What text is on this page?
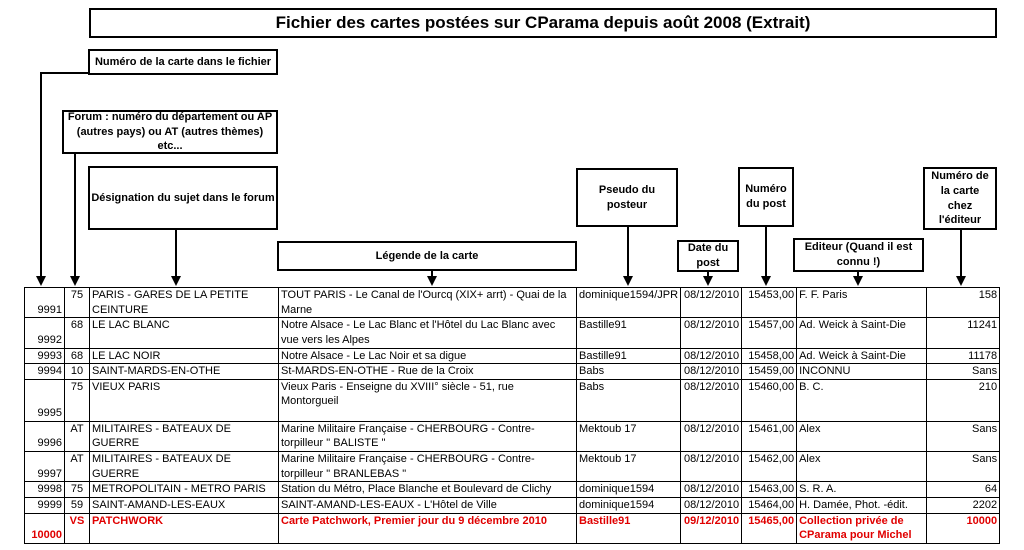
Fichier des cartes postées sur CParama depuis août 2008 (Extrait)
Numéro de la carte dans le fichier
Forum : numéro du département ou AP (autres pays) ou AT (autres thèmes) etc...
Désignation du sujet dans le forum
Légende de la carte
Pseudo du posteur
Date du post
Numéro du post
Editeur (Quand il est connu !)
Numéro de la carte chez l'éditeur
9991	75	PARIS - GARES DE LA PETITE CEINTURE	TOUT PARIS - Le Canal de l'Ourcq (XIX+ arrt) - Quai de la Marne	dominique1594/JPR	08/12/2010	15453,00	F. F. Paris	158
9992	68	LE LAC BLANC	Notre Alsace - Le Lac Blanc et l'Hôtel du Lac Blanc avec vue vers les Alpes	Bastille91	08/12/2010	15457,00	Ad. Weick à Saint-Die	11241
9993	68	LE LAC NOIR	Notre Alsace - Le Lac Noir et sa digue	Bastille91	08/12/2010	15458,00	Ad. Weick à Saint-Die	11178
9994	10	SAINT-MARDS-EN-OTHE	St-MARDS-EN-OTHE - Rue de la Croix	Babs	08/12/2010	15459,00	INCONNU	Sans
9995	75	VIEUX PARIS	Vieux Paris - Enseigne du XVIII° siècle - 51, rue Montorgueil	Babs	08/12/2010	15460,00	B. C.	210
9996	AT	MILITAIRES - BATEAUX DE GUERRE	Marine Militaire Française - CHERBOURG - Contre-torpilleur " BALISTE "	Mektoub 17	08/12/2010	15461,00	Alex	Sans
9997	AT	MILITAIRES - BATEAUX DE GUERRE	Marine Militaire Française - CHERBOURG - Contre-torpilleur " BRANLEBAS "	Mektoub 17	08/12/2010	15462,00	Alex	Sans
9998	75	METROPOLITAIN - METRO PARIS	Station du Métro, Place Blanche et Boulevard de Clichy	dominique1594	08/12/2010	15463,00	S. R. A.	64
9999	59	SAINT-AMAND-LES-EAUX	SAINT-AMAND-LES-EAUX - L'Hôtel de Ville	dominique1594	08/12/2010	15464,00	H. Damée, Phot. -édit.	2202
10000	VS	PATCHWORK	Carte Patchwork, Premier jour du 9 décembre 2010	Bastille91	09/12/2010	15465,00	Collection privée de CParama pour Michel	10000
